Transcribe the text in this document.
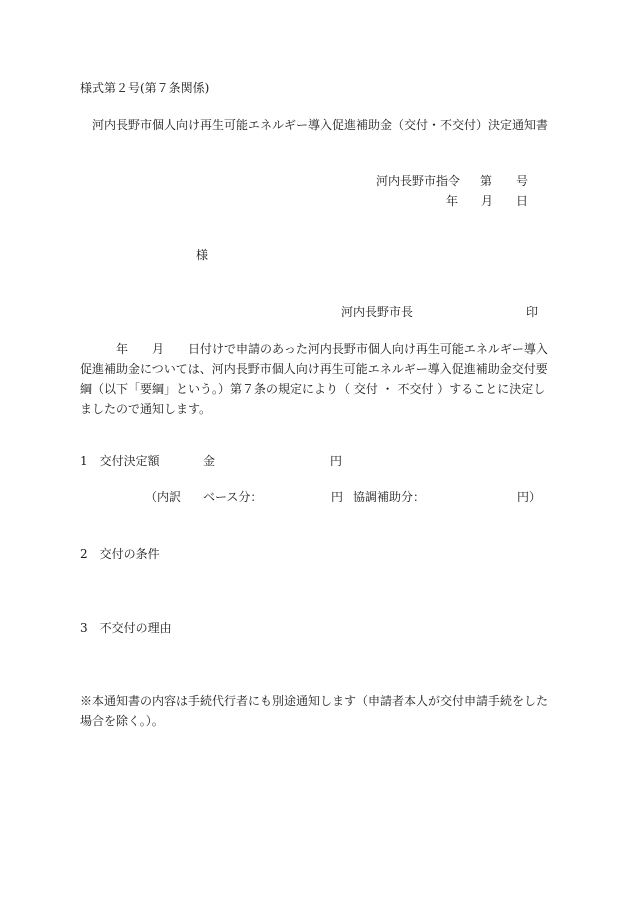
様式第２号(第７条関係)
河内長野市個人向け再生可能エネルギー導入促進補助金（交付・不交付）決定通知書
河内長野市指令 第 号
年 月 日
様
河内長野市長	印
　　　年　　月　　日付けで申請のあった河内長野市個人向け再生可能エネルギー導入促進補助金については、河内長野市個人向け再生可能エネルギー導入促進補助金交付要綱（以下「要綱」という。）第７条の規定により（ 交付 ・ 不交付 ）することに決定しましたので通知します。
1　交付決定額	金	円
（内訳 ベース分：	円 協調補助分：	円）
2　交付の条件
3　不交付の理由
※本通知書の内容は手続代行者にも別途通知します（申請者本人が交付申請手続をした場合を除く。）。
